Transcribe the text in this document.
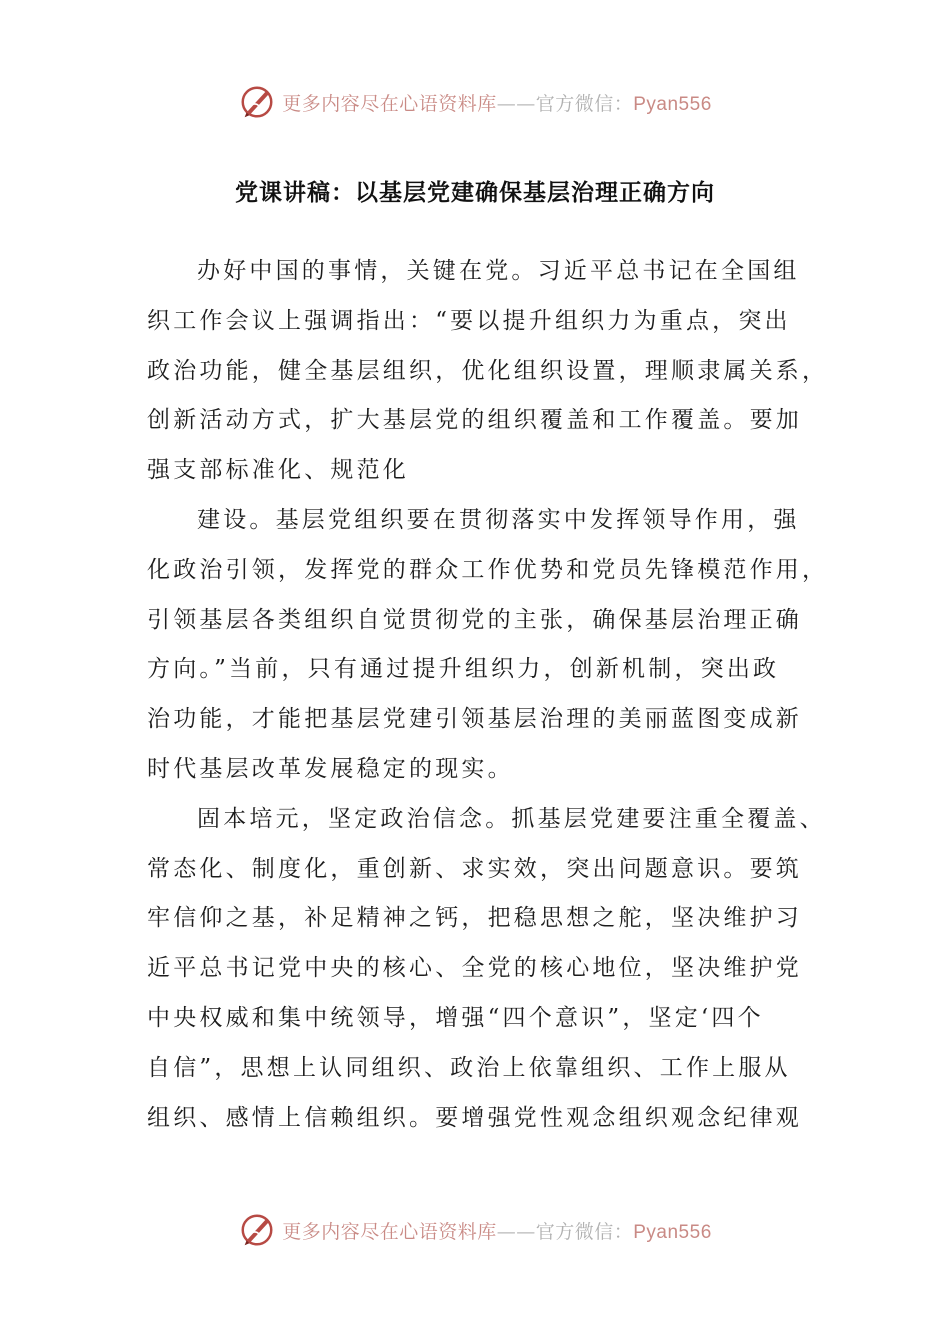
更多内容尽在心语资料库——官方微信：Pyan556
党课讲稿：以基层党建确保基层治理正确方向

办好中国的事情，关键在党。习近平总书记在全国组
织工作会议上强调指出：“要以提升组织力为重点，突出
政治功能，健全基层组织，优化组织设置，理顺隶属关系，
创新活动方式，扩大基层党的组织覆盖和工作覆盖。要加
强支部标准化、规范化

建设。基层党组织要在贯彻落实中发挥领导作用，强
化政治引领，发挥党的群众工作优势和党员先锋模范作用，
引领基层各类组织自觉贯彻党的主张，确保基层治理正确
方向。”当前，只有通过提升组织力，创新机制，突出政
治功能，才能把基层党建引领基层治理的美丽蓝图变成新
时代基层改革发展稳定的现实。

固本培元，坚定政治信念。抓基层党建要注重全覆盖、
常态化、制度化，重创新、求实效，突出问题意识。要筑
牢信仰之基，补足精神之钙，把稳思想之舵，坚决维护习
近平总书记党中央的核心、全党的核心地位，坚决维护党
中央权威和集中统领导，增强“四个意识”，坚定‘四个
自信”，思想上认同组织、政治上依靠组织、工作上服从
组织、感情上信赖组织。要增强党性观念组织观念纪律观

更多内容尽在心语资料库——官方微信：Pyan556
